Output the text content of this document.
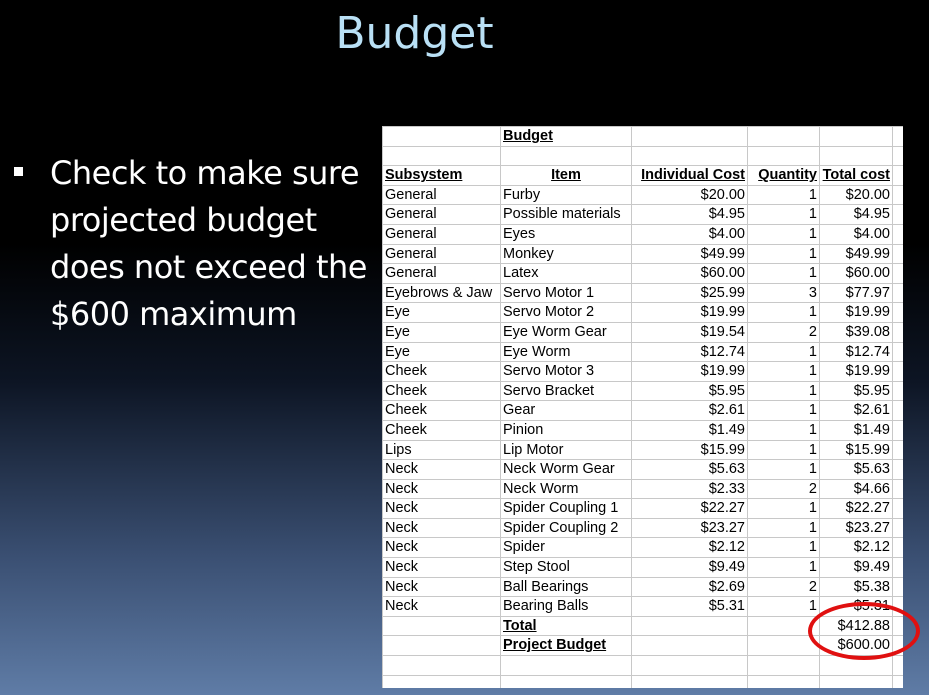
Budget
Check to make sure
projected budget
does not exceed the
$600 maximum
	Budget				

Subsystem	Item	Individual Cost	Quantity	Total cost	
General	Furby	$20.00	1	$20.00	
General	Possible materials	$4.95	1	$4.95	
General	Eyes	$4.00	1	$4.00	
General	Monkey	$49.99	1	$49.99	
General	Latex	$60.00	1	$60.00	
Eyebrows & Jaw	Servo Motor 1	$25.99	3	$77.97	
Eye	Servo Motor 2	$19.99	1	$19.99	
Eye	Eye Worm Gear	$19.54	2	$39.08	
Eye	Eye Worm	$12.74	1	$12.74	
Cheek	Servo Motor 3	$19.99	1	$19.99	
Cheek	Servo Bracket	$5.95	1	$5.95	
Cheek	Gear	$2.61	1	$2.61	
Cheek	Pinion	$1.49	1	$1.49	
Lips	Lip Motor	$15.99	1	$15.99	
Neck	Neck Worm Gear	$5.63	1	$5.63	
Neck	Neck Worm	$2.33	2	$4.66	
Neck	Spider Coupling 1	$22.27	1	$22.27	
Neck	Spider Coupling 2	$23.27	1	$23.27	
Neck	Spider	$2.12	1	$2.12	
Neck	Step Stool	$9.49	1	$9.49	
Neck	Ball Bearings	$2.69	2	$5.38	
Neck	Bearing Balls	$5.31	1	$5.31	
	Total			$412.88	
	Project Budget			$600.00	
